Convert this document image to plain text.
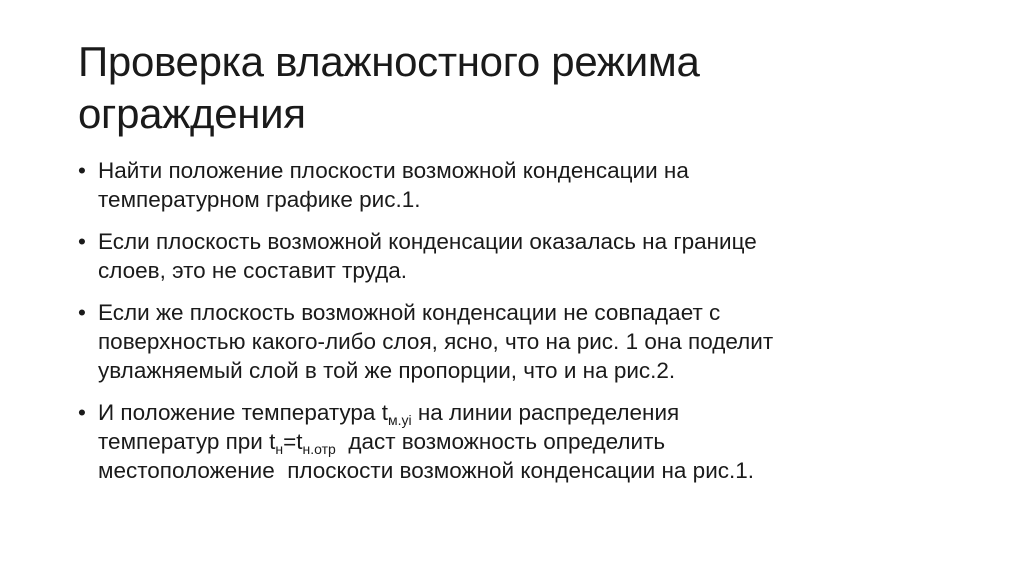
Проверка влажностного режима
ограждения
• Найти положение плоскости возможной конденсации на
температурном графике рис.1.
• Если плоскость возможной конденсации оказалась на границе
слоев, это не составит труда.
• Если же плоскость возможной конденсации не совпадает с
поверхностью какого-либо слоя, ясно, что на рис. 1 она поделит
увлажняемый слой в той же пропорции, что и на рис.2.
• И положение температура $t_{м.уi}$ на линии распределения
температур при $t_н=t_{н.отр}$  даст возможность определить
местоположение  плоскости возможной конденсации на рис.1.
